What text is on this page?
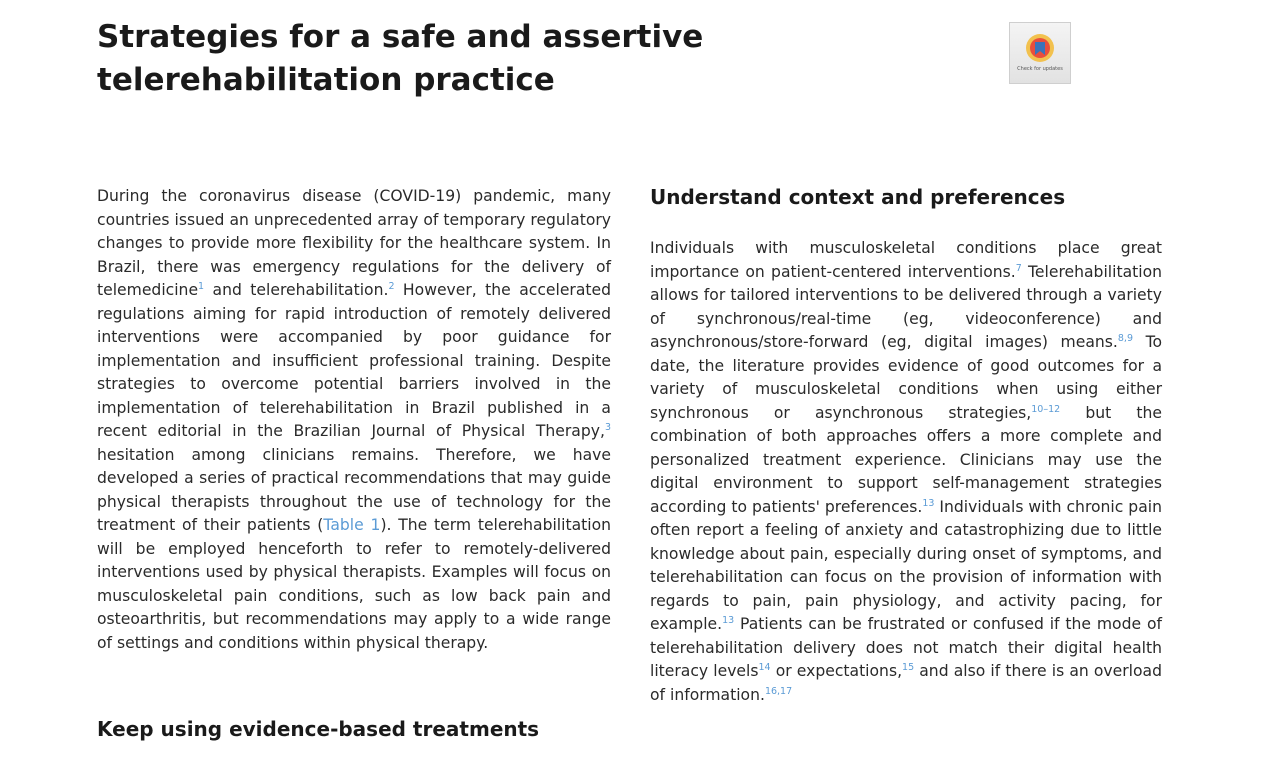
Strategies for a safe and assertive telerehabilitation practice	Check for updates

During the coronavirus disease (COVID-19) pandemic, many countries issued an unprecedented array of temporary regulatory changes to provide more flexibility for the healthcare system. In Brazil, there was emergency regulations for the delivery of telemedicine$^1$ and telerehabilitation.$^2$ However, the accelerated regulations aiming for rapid introduction of remotely delivered interventions were accompanied by poor guidance for implementation and insufficient professional training. Despite strategies to overcome potential barriers involved in the implementation of telerehabilitation in Brazil published in a recent editorial in the Brazilian Journal of Physical Therapy,$^3$ hesitation among clinicians remains. Therefore, we have developed a series of practical recommendations that may guide physical therapists throughout the use of technology for the treatment of their patients (Table 1). The term telerehabilitation will be employed henceforth to refer to remotely-delivered interventions used by physical therapists. Examples will focus on musculoskeletal pain conditions, such as low back pain and osteoarthritis, but recommendations may apply to a wide range of settings and conditions within physical therapy.

Keep using evidence-based treatments
Understand context and preferences

Individuals with musculoskeletal conditions place great importance on patient-centered interventions.$^7$ Telerehabilitation allows for tailored interventions to be delivered through a variety of synchronous/real-time (eg, videoconference) and asynchronous/store-forward (eg, digital images) means.$^{8,9}$ To date, the literature provides evidence of good outcomes for a variety of musculoskeletal conditions when using either synchronous or asynchronous strategies,$^{10-12}$ but the combination of both approaches offers a more complete and personalized treatment experience. Clinicians may use the digital environment to support self-management strategies according to patients' preferences.$^{13}$ Individuals with chronic pain often report a feeling of anxiety and catastrophizing due to little knowledge about pain, especially during onset of symptoms, and telerehabilitation can focus on the provision of information with regards to pain, pain physiology, and activity pacing, for example.$^{13}$ Patients can be frustrated or confused if the mode of telerehabilitation delivery does not match their digital health literacy levels$^{14}$ or expectations,$^{15}$ and also if there is an overload of information.$^{16,17}$
